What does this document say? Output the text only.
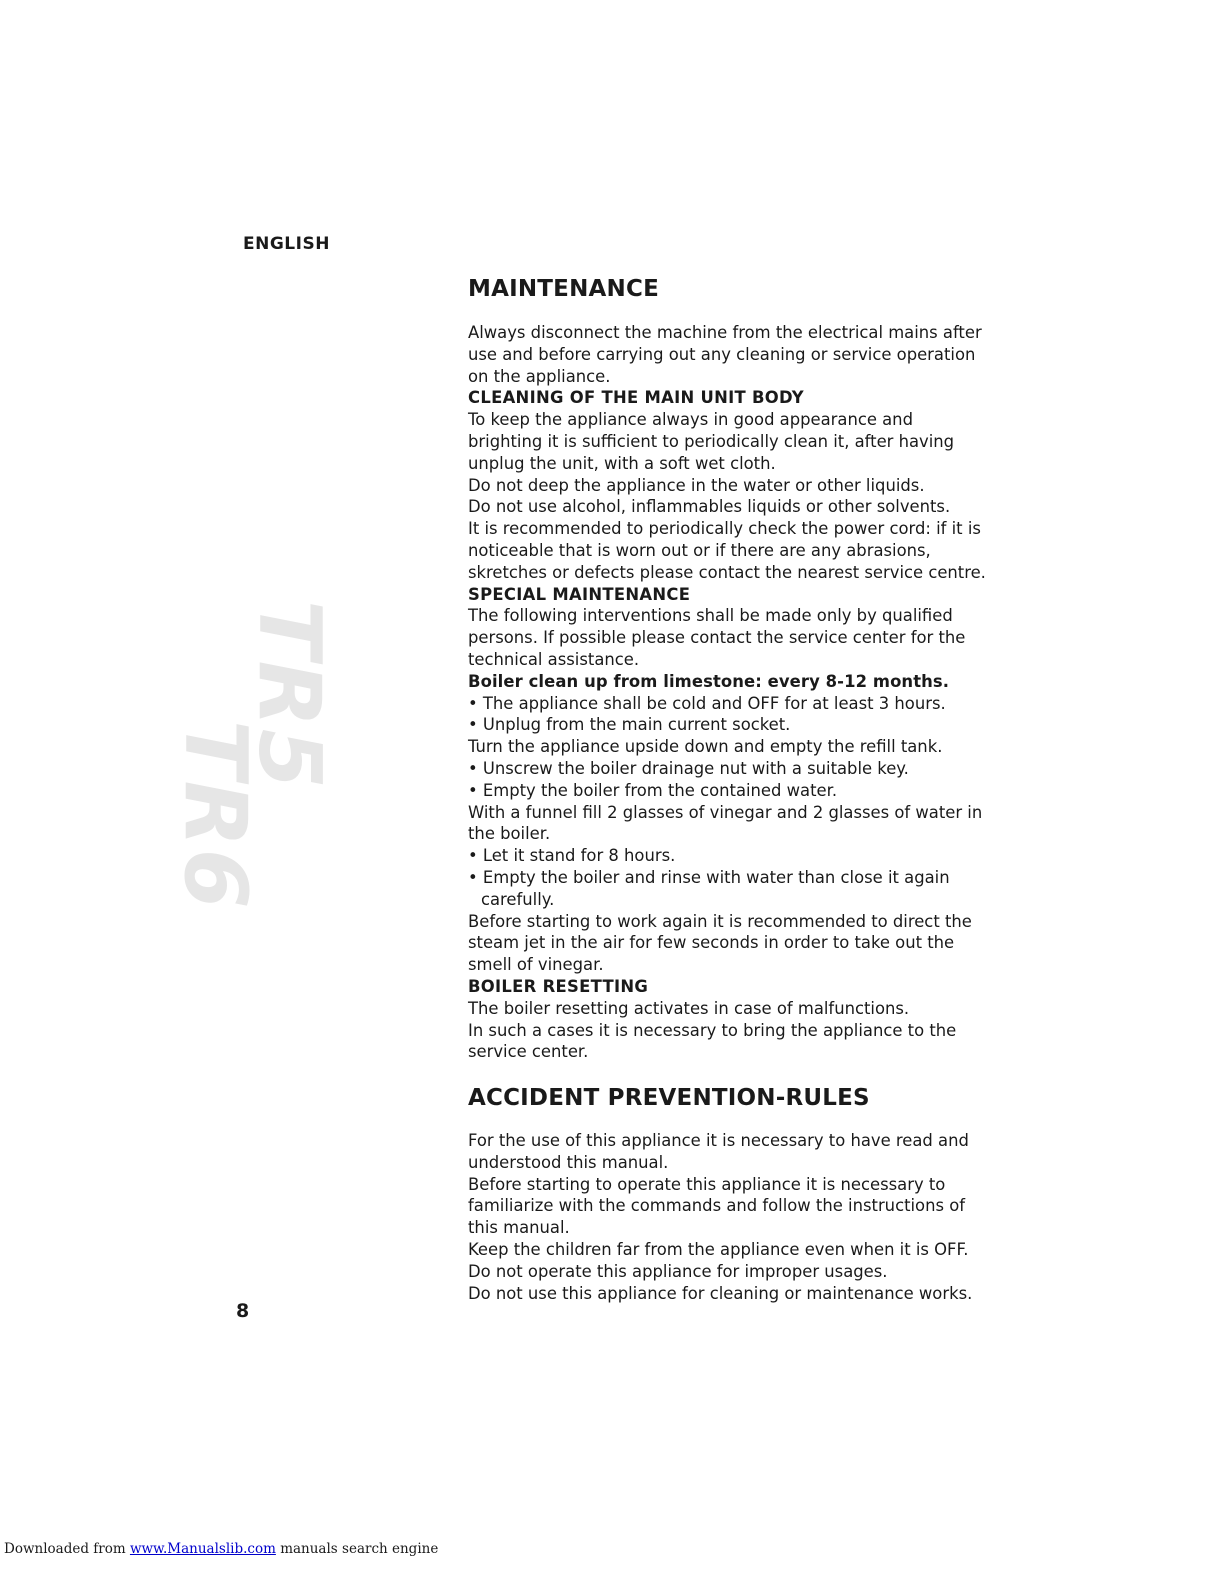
ENGLISH
TR5
TR6
MAINTENANCE

Always disconnect the machine from the electrical mains after use and before carrying out any cleaning or service operation on the appliance.

CLEANING OF THE MAIN UNIT BODY

To keep the appliance always in good appearance and brighting it is sufficient to periodically clean it, after having unplug the unit, with a soft wet cloth.

Do not deep the appliance in the water or other liquids.

Do not use alcohol, inflammables liquids or other solvents.

It is recommended to periodically check the power cord: if it is noticeable that is worn out or if there are any abrasions, skretches or defects please contact the nearest service centre.

SPECIAL MAINTENANCE

The following interventions shall be made only by qualified persons. If possible please contact the service center for the technical assistance.

Boiler clean up from limestone: every 8-12 months.

• The appliance shall be cold and OFF for at least 3 hours.

• Unplug from the main current socket.

Turn the appliance upside down and empty the refill tank.

• Unscrew the boiler drainage nut with a suitable key.

• Empty the boiler from the contained water.

With a funnel fill 2 glasses of vinegar and 2 glasses of water in the boiler.

• Let it stand for 8 hours.

• Empty the boiler and rinse with water than close it again carefully.

Before starting to work again it is recommended to direct the steam jet in the air for few seconds in order to take out the smell of vinegar.

BOILER RESETTING

The boiler resetting activates in case of malfunctions.

In such a cases it is necessary to bring the appliance to the service center.

ACCIDENT PREVENTION-RULES

For the use of this appliance it is necessary to have read and understood this manual.

Before starting to operate this appliance it is necessary to familiarize with the commands and follow the instructions of this manual.

Keep the children far from the appliance even when it is OFF. Do not operate this appliance for improper usages.

Do not use this appliance for cleaning or maintenance works.

8
Downloaded from www.Manualslib.com manuals search engine
